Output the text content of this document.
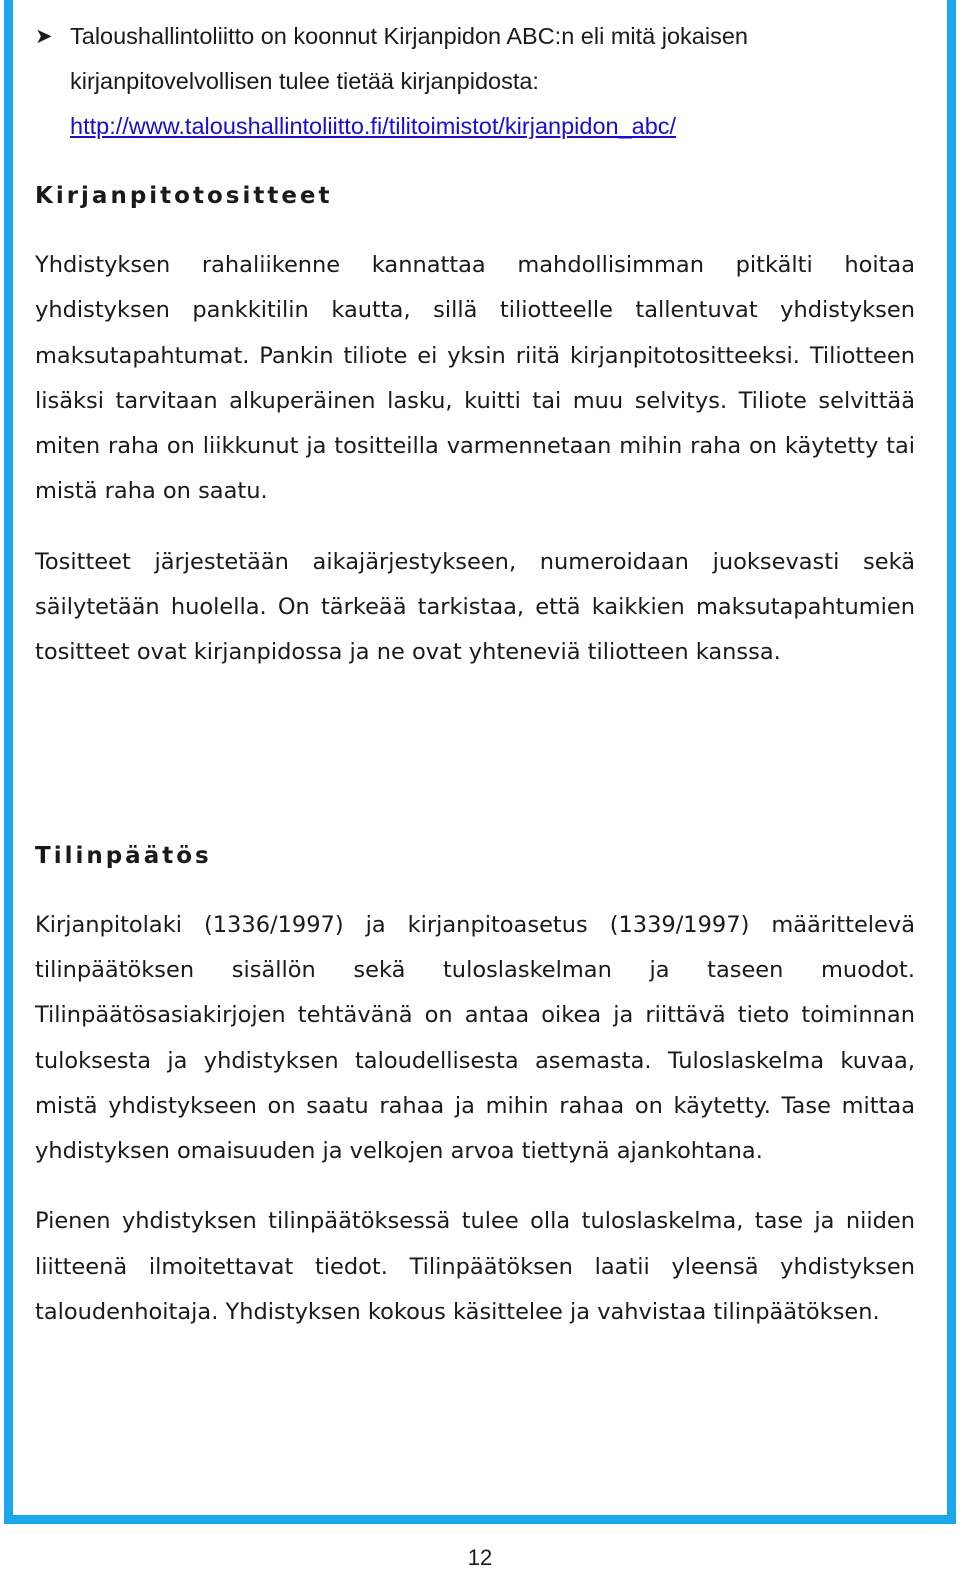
➤ Taloushallintoliitto on koonnut Kirjanpidon ABC:n eli mitä jokaisen kirjanpitovelvollisen tulee tietää kirjanpidosta:
http://www.taloushallintoliitto.fi/tilitoimistot/kirjanpidon_abc/
Kirjanpitotositteet

Yhdistyksen rahaliikenne kannattaa mahdollisimman pitkälti hoitaa yhdistyksen pankkitilin kautta, sillä tiliotteelle tallentuvat yhdistyksen maksutapahtumat. Pankin tiliote ei yksin riitä kirjanpitotositteeksi. Tiliotteen lisäksi tarvitaan alkuperäinen lasku, kuitti tai muu selvitys. Tiliote selvittää miten raha on liikkunut ja tositteilla varmennetaan mihin raha on käytetty tai mistä raha on saatu.

Tositteet järjestetään aikajärjestykseen, numeroidaan juoksevasti sekä säilytetään huolella. On tärkeää tarkistaa, että kaikkien maksutapahtumien tositteet ovat kirjanpidossa ja ne ovat yhteneviä tiliotteen kanssa.

Tilinpäätös

Kirjanpitolaki (1336/1997) ja kirjanpitoasetus (1339/1997) määrittelevä tilinpäätöksen sisällön sekä tuloslaskelman ja taseen muodot. Tilinpäätösasiakirjojen tehtävänä on antaa oikea ja riittävä tieto toiminnan tuloksesta ja yhdistyksen taloudellisesta asemasta. Tuloslaskelma kuvaa, mistä yhdistykseen on saatu rahaa ja mihin rahaa on käytetty. Tase mittaa yhdistyksen omaisuuden ja velkojen arvoa tiettynä ajankohtana.

Pienen yhdistyksen tilinpäätöksessä tulee olla tuloslaskelma, tase ja niiden liitteenä ilmoitettavat tiedot. Tilinpäätöksen laatii yleensä yhdistyksen taloudenhoitaja. Yhdistyksen kokous käsittelee ja vahvistaa tilinpäätöksen.

12
